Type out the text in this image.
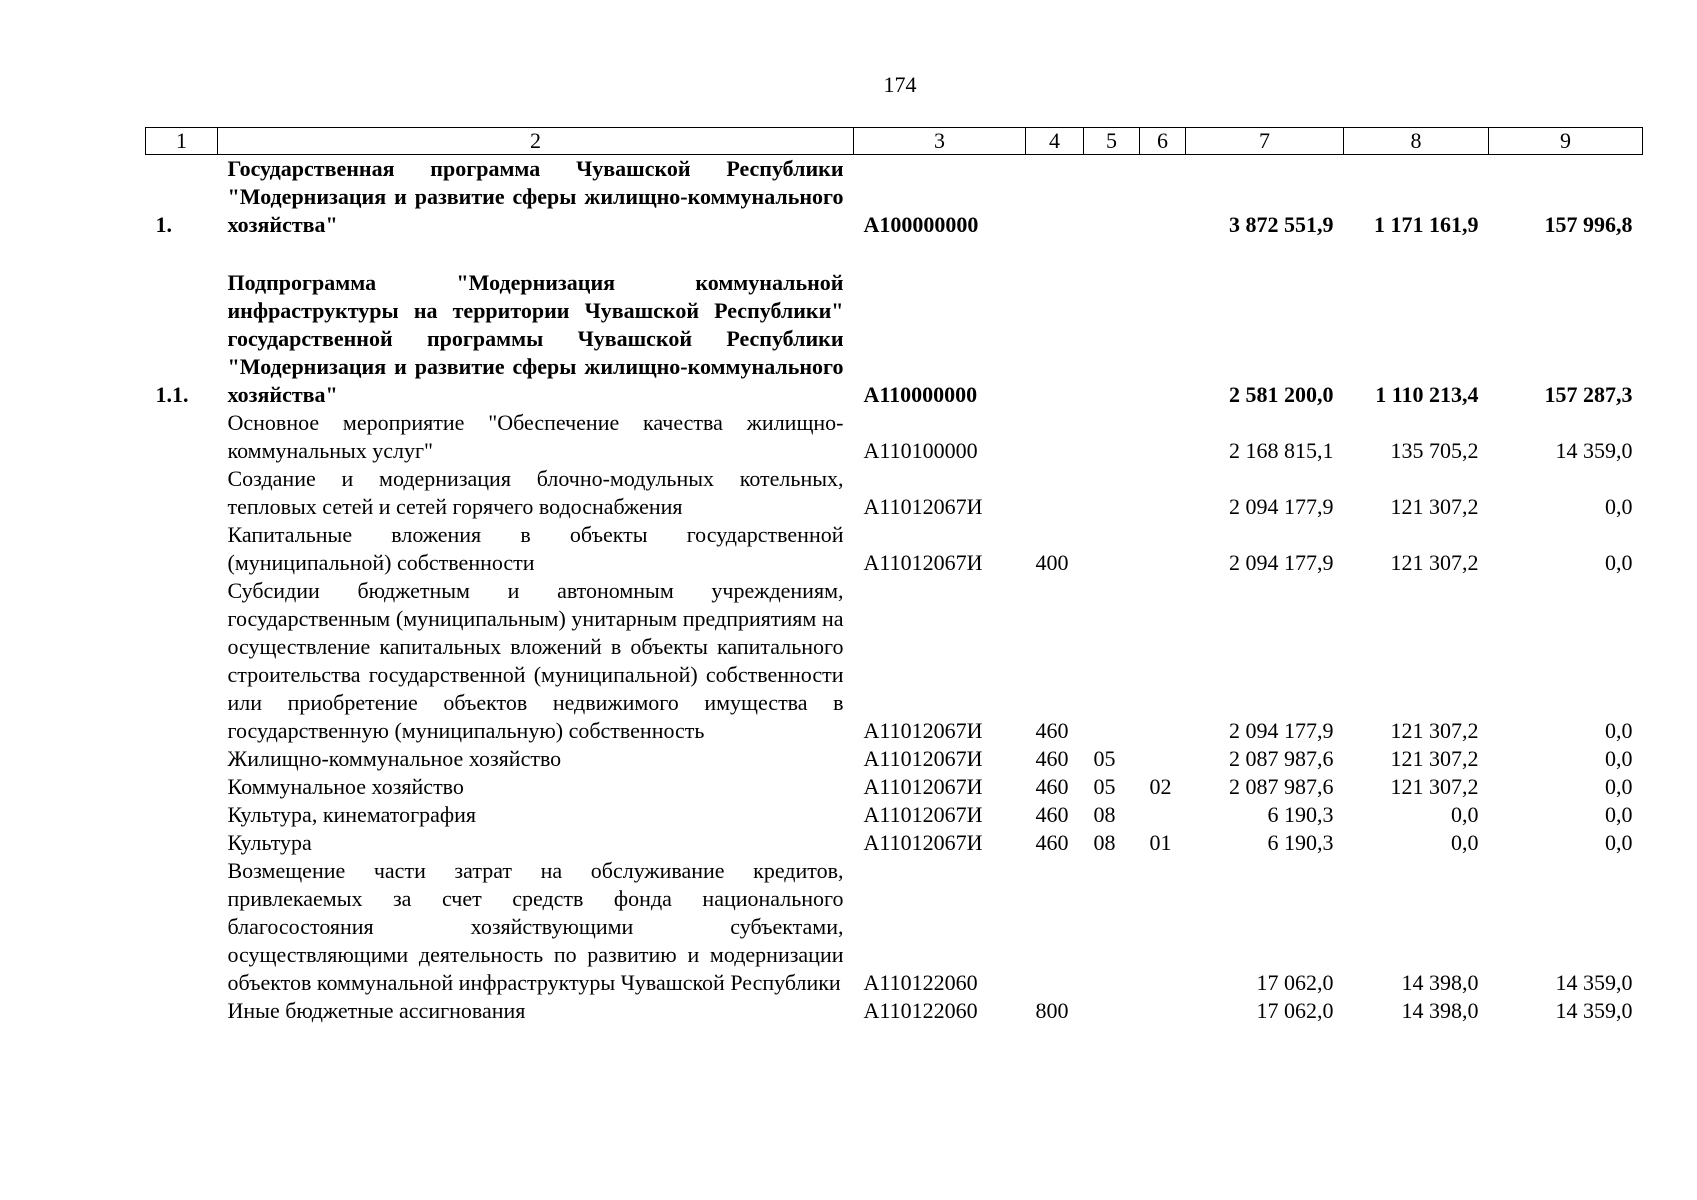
174
1	2	3	4	5	6	7	8	9
1.	Государственная программа Чувашской Республики "Модернизация и развитие сферы жилищно-коммунального хозяйства"	А100000000				3 872 551,9	1 171 161,9	157 996,8

1.1.	Подпрограмма "Модернизация коммунальной инфраструктуры на территории Чувашской Республики" государственной программы Чувашской Республики "Модернизация и развитие сферы жилищно-коммунального хозяйства"	А110000000				2 581 200,0	1 110 213,4	157 287,3
	Основное мероприятие "Обеспечение качества жилищно-коммунальных услуг"	А110100000				2 168 815,1	135 705,2	14 359,0
	Создание и модернизация блочно-модульных котельных, тепловых сетей и сетей горячего водоснабжения	А11012067И				2 094 177,9	121 307,2	0,0
	Капитальные вложения в объекты государственной (муниципальной) собственности	А11012067И	400			2 094 177,9	121 307,2	0,0
	Субсидии бюджетным и автономным учреждениям, государственным (муниципальным) унитарным предприятиям на осуществление капитальных вложений в объекты капитального строительства государственной (муниципальной) собственности или приобретение объектов недвижимого имущества в государственную (муниципальную) собственность	А11012067И	460			2 094 177,9	121 307,2	0,0
	Жилищно-коммунальное хозяйство	А11012067И	460	05		2 087 987,6	121 307,2	0,0
	Коммунальное хозяйство	А11012067И	460	05	02	2 087 987,6	121 307,2	0,0
	Культура, кинематография	А11012067И	460	08		6 190,3	0,0	0,0
	Культура	А11012067И	460	08	01	6 190,3	0,0	0,0
	Возмещение части затрат на обслуживание кредитов, привлекаемых за счет средств фонда национального благосостояния хозяйствующими субъектами, осуществляющими деятельность по развитию и модернизации объектов коммунальной инфраструктуры Чувашской Республики	А110122060				17 062,0	14 398,0	14 359,0
	Иные бюджетные ассигнования	А110122060	800			17 062,0	14 398,0	14 359,0
